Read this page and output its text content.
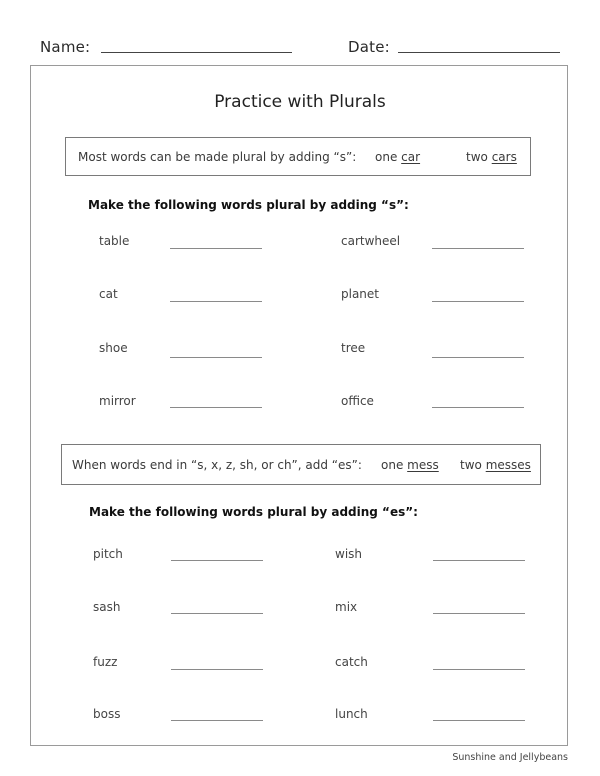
Name:	Date:
Practice with Plurals
Most words can be made plural by adding “s”: one car	two cars
Make the following words plural by adding “s”:
table	cartwheel
cat	planet
shoe	tree
mirror	office
When words end in “s, x, z, sh, or ch”, add “es”: one mess two messes
Make the following words plural by adding “es”:
pitch	wish
sash	mix
fuzz	catch
boss	lunch
Sunshine and Jellybeans
